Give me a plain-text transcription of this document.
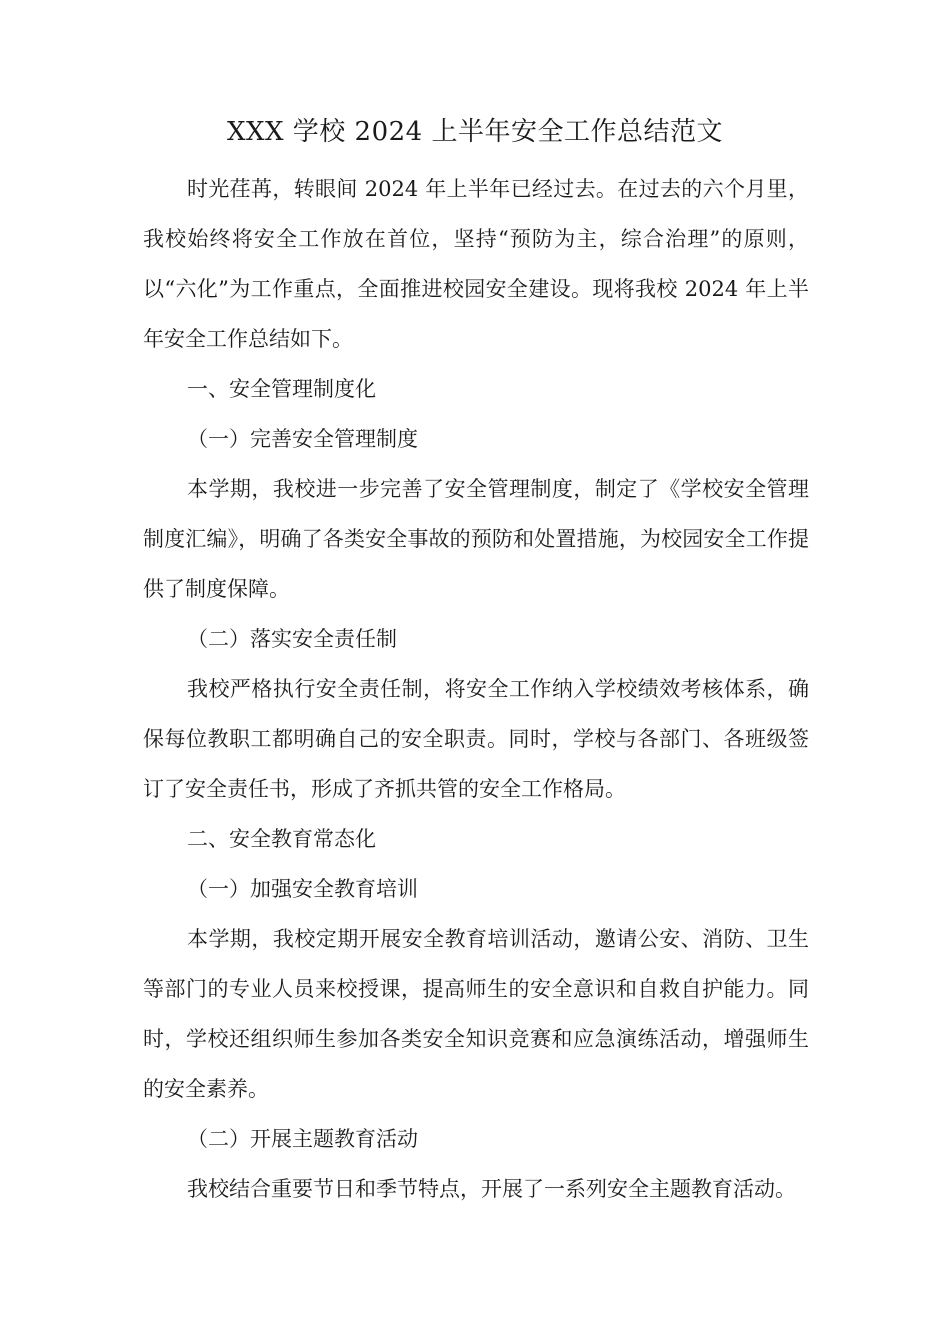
XXX 学校 2024 上半年安全工作总结范文

时光荏苒，转眼间 2024 年上半年已经过去。在过去的六个月里，我校始终将安全工作放在首位，坚持“预防为主，综合治理”的原则，以“六化”为工作重点，全面推进校园安全建设。现将我校 2024 年上半年安全工作总结如下。

一、安全管理制度化

（一）完善安全管理制度

本学期，我校进一步完善了安全管理制度，制定了《学校安全管理制度汇编》，明确了各类安全事故的预防和处置措施，为校园安全工作提供了制度保障。

（二）落实安全责任制

我校严格执行安全责任制，将安全工作纳入学校绩效考核体系，确保每位教职工都明确自己的安全职责。同时，学校与各部门、各班级签订了安全责任书，形成了齐抓共管的安全工作格局。

二、安全教育常态化

（一）加强安全教育培训

本学期，我校定期开展安全教育培训活动，邀请公安、消防、卫生等部门的专业人员来校授课，提高师生的安全意识和自救自护能力。同时，学校还组织师生参加各类安全知识竞赛和应急演练活动，增强师生的安全素养。

（二）开展主题教育活动

我校结合重要节日和季节特点，开展了一系列安全主题教育活动。
